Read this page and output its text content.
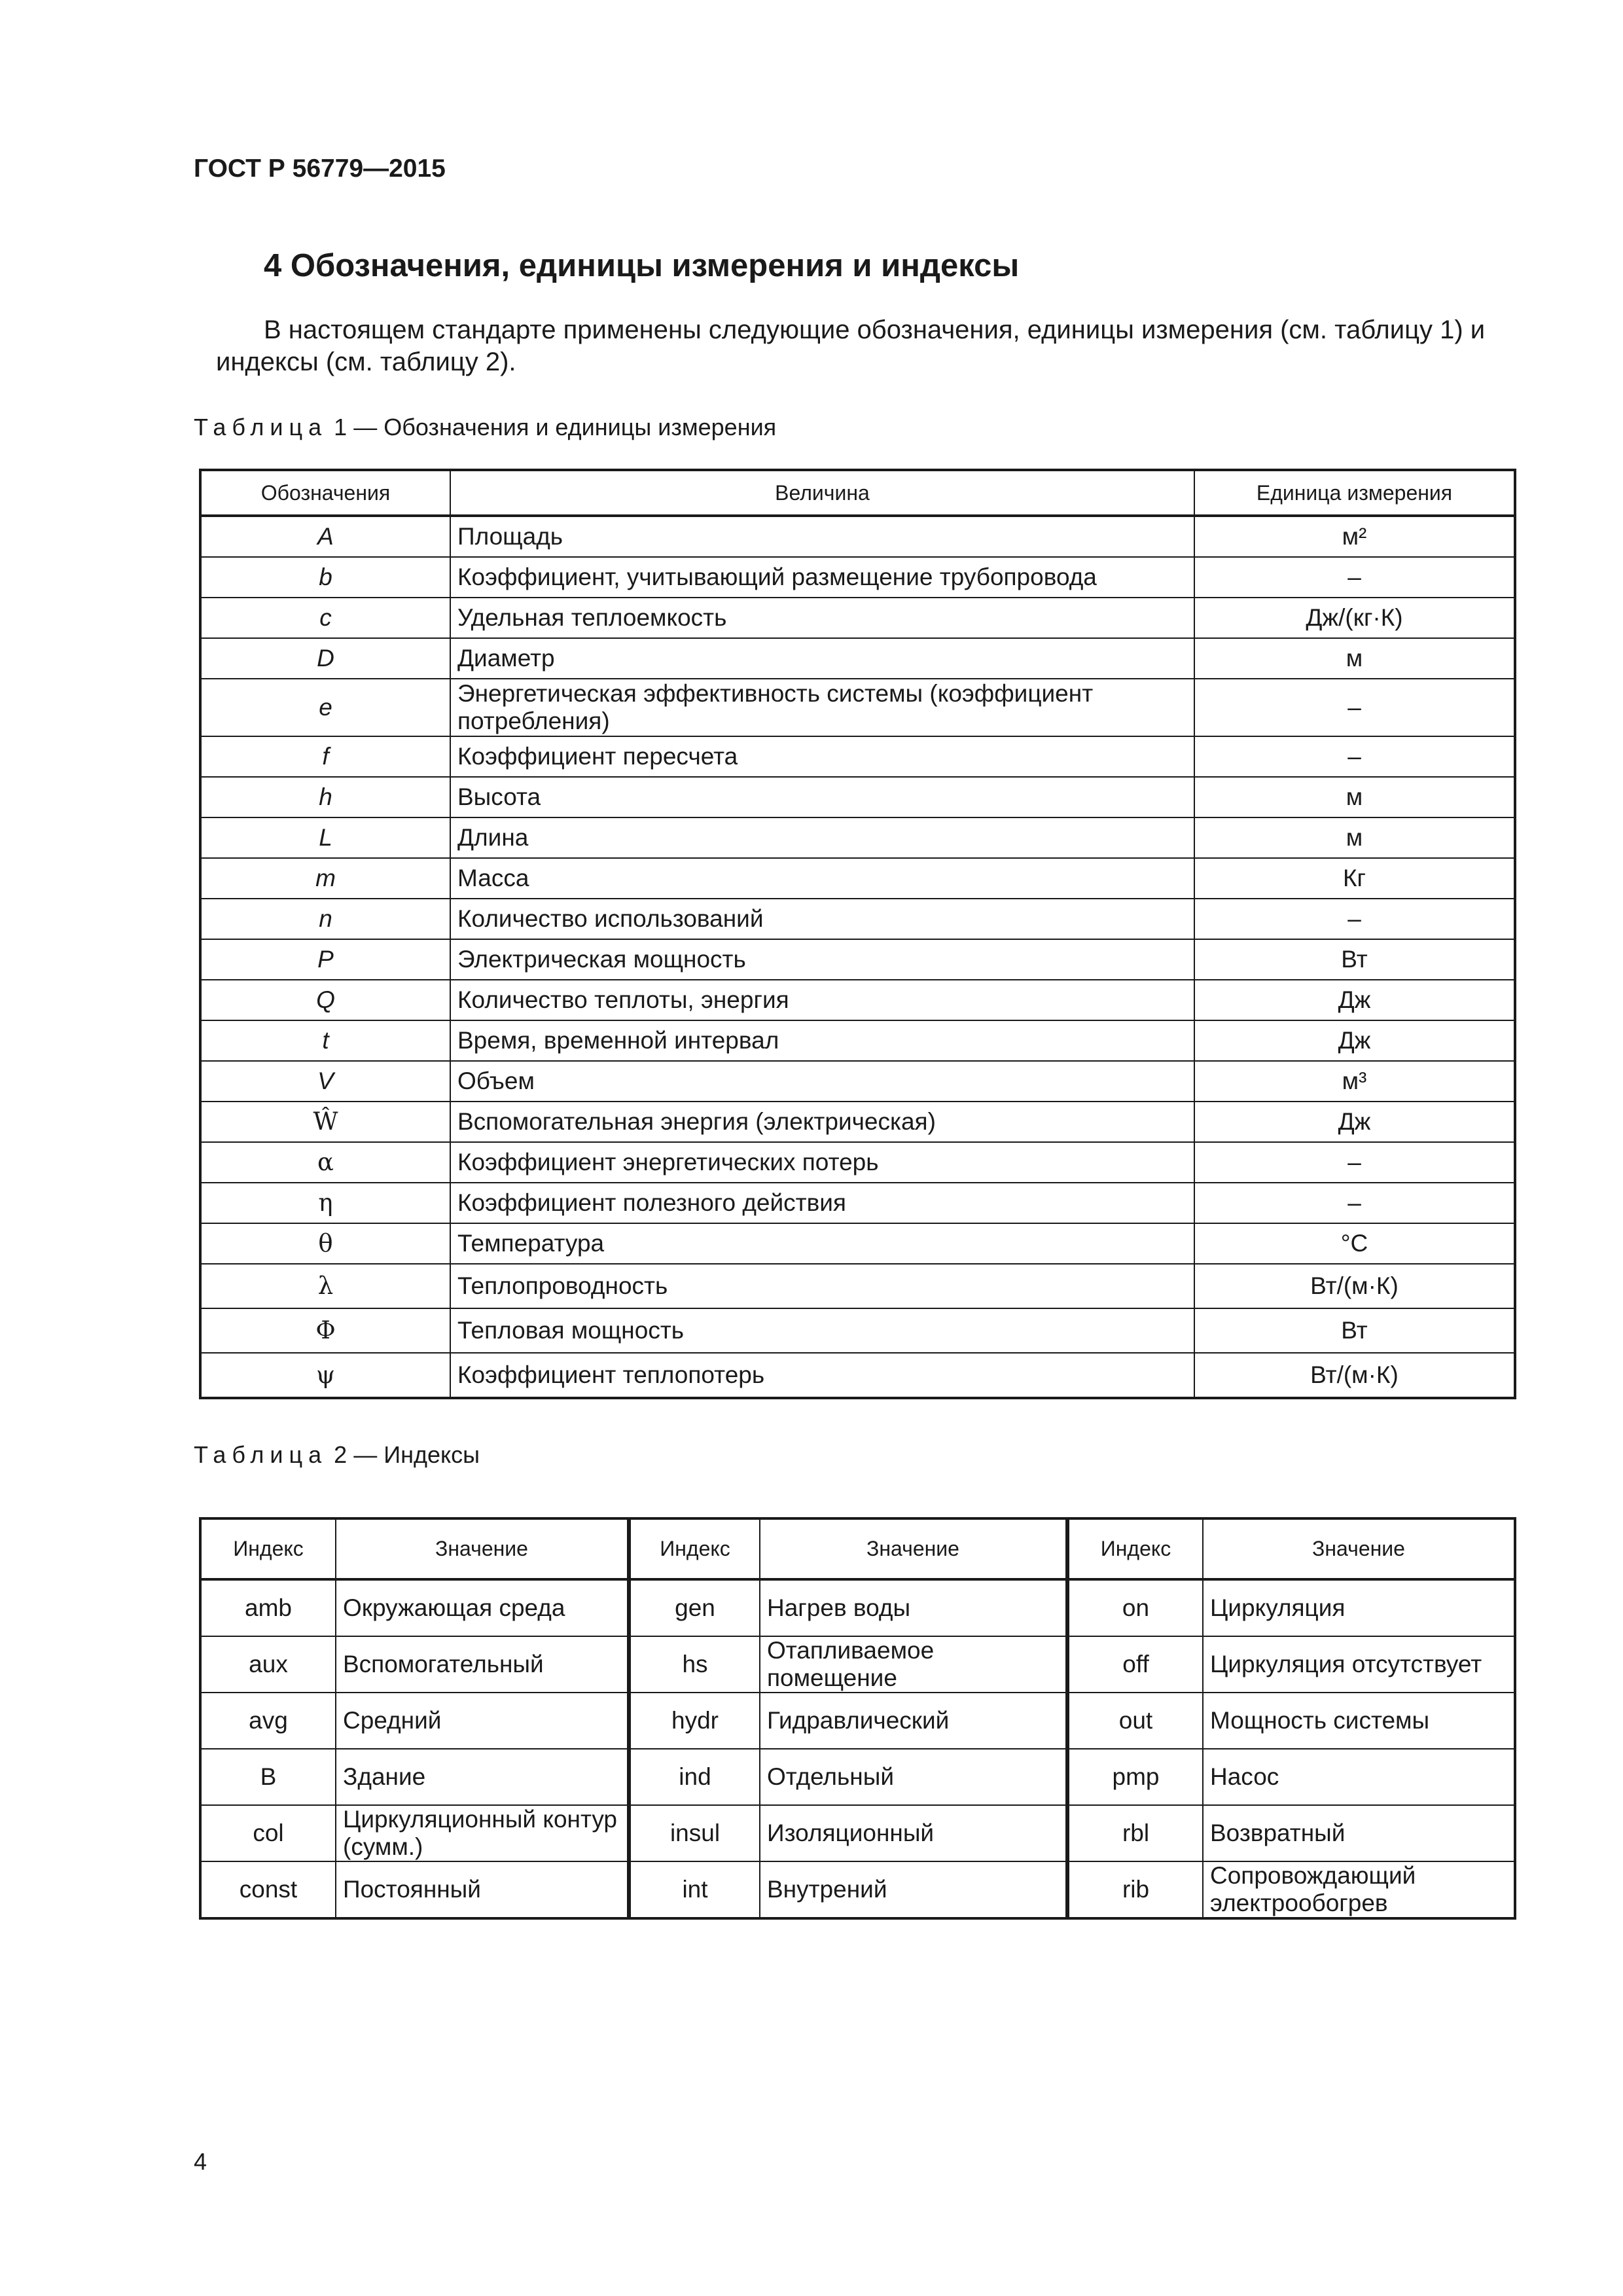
ГОСТ Р 56779—2015

4 Обозначения, единицы измерения и индексы

В настоящем стандарте применены следующие обозначения, единицы измерения (см. таблицу 1) и индексы (см. таблицу 2).

Таблица 1 — Обозначения и единицы измерения

Обозначения	Величина	Единица измерения
A	Площадь	м²
b	Коэффициент, учитывающий размещение трубопровода	–
c	Удельная теплоемкость	Дж/(кг·К)
D	Диаметр	м
e	Энергетическая эффективность системы (коэффициент потребления)	–
f	Коэффициент пересчета	–
h	Высота	м
L	Длина	м
m	Масса	Кг
n	Количество использований	–
P	Электрическая мощность	Вт
Q	Количество теплоты, энергия	Дж
t	Время, временной интервал	Дж
V	Объем	м³
Ŵ	Вспомогательная энергия (электрическая)	Дж
α	Коэффициент энергетических потерь	–
η	Коэффициент полезного действия	–
θ	Температура	°C
λ	Теплопроводность	Вт/(м·К)
Φ	Тепловая мощность	Вт
ψ	Коэффициент теплопотерь	Вт/(м·К)

Таблица 2 — Индексы

Индекс	Значение	Индекс	Значение	Индекс	Значение
amb	Окружающая среда	gen	Нагрев воды	on	Циркуляция
aux	Вспомогательный	hs	Отапливаемое помещение	off	Циркуляция отсутствует
avg	Средний	hydr	Гидравлический	out	Мощность системы
B	Здание	ind	Отдельный	pmp	Насос
col	Циркуляционный контур (сумм.)	insul	Изоляционный	rbl	Возвратный
const	Постоянный	int	Внутрений	rib	Сопровождающий электрообогрев

4
